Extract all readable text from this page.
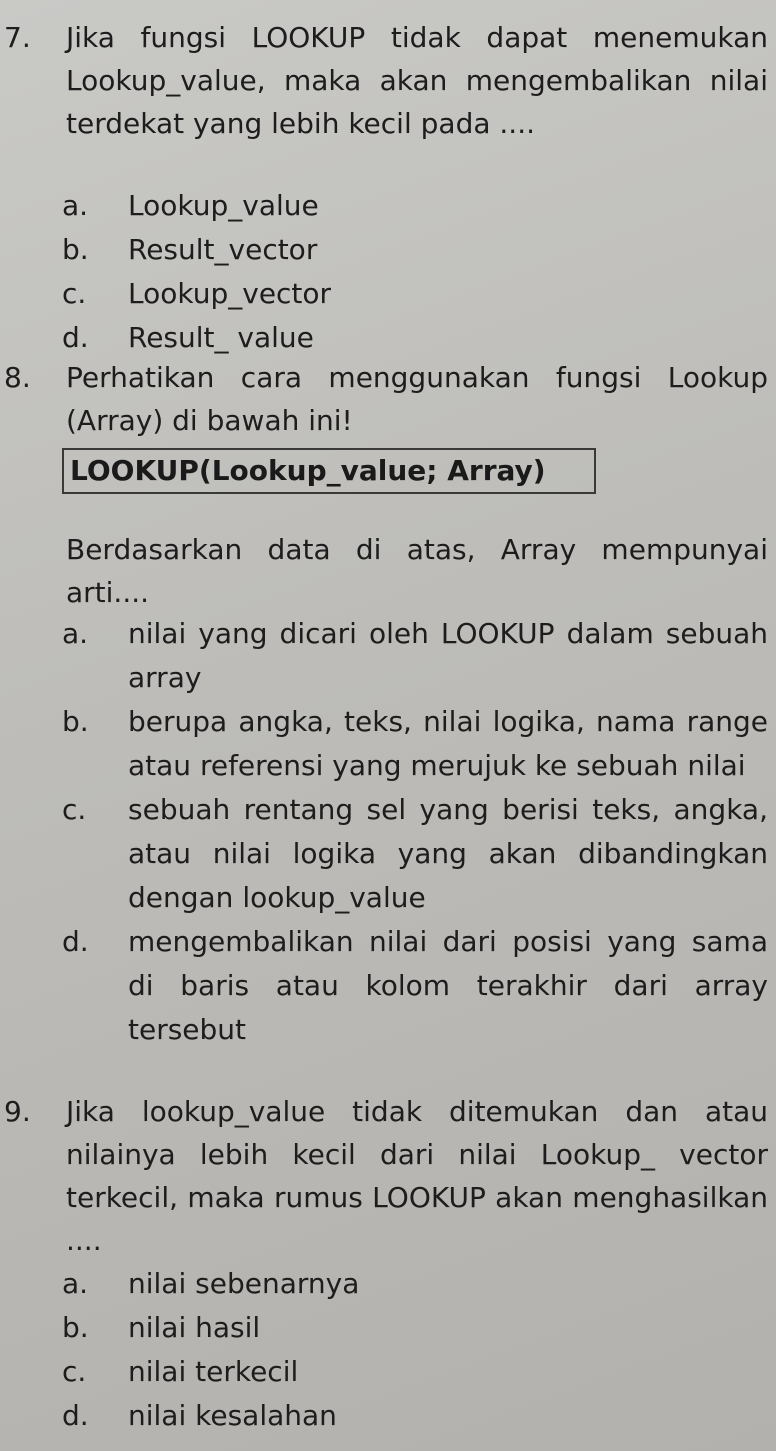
7.	Jika fungsi LOOKUP tidak dapat menemukan Lookup_value, maka akan mengembalikan nilai terdekat yang lebih kecil pada ....
a.	Lookup_value
b.	Result_vector
c.	Lookup_vector
d.	Result_ value
8.	Perhatikan cara menggunakan fungsi Lookup (Array) di bawah ini!
LOOKUP(Lookup_value; Array)
Berdasarkan data di atas, Array mempunyai arti....
a.	nilai yang dicari oleh LOOKUP dalam sebuah array
b.	berupa angka, teks, nilai logika, nama range atau referensi yang merujuk ke sebuah nilai
c.	sebuah rentang sel yang berisi teks, angka, atau nilai logika yang akan dibandingkan dengan lookup_value
d.	mengembalikan nilai dari posisi yang sama di baris atau kolom terakhir dari array tersebut
9.	Jika lookup_value tidak ditemukan dan atau nilainya lebih kecil dari nilai Lookup_ vector terkecil, maka rumus LOOKUP akan menghasilkan ....
a.	nilai sebenarnya
b.	nilai hasil
c.	nilai terkecil
d.	nilai kesalahan
